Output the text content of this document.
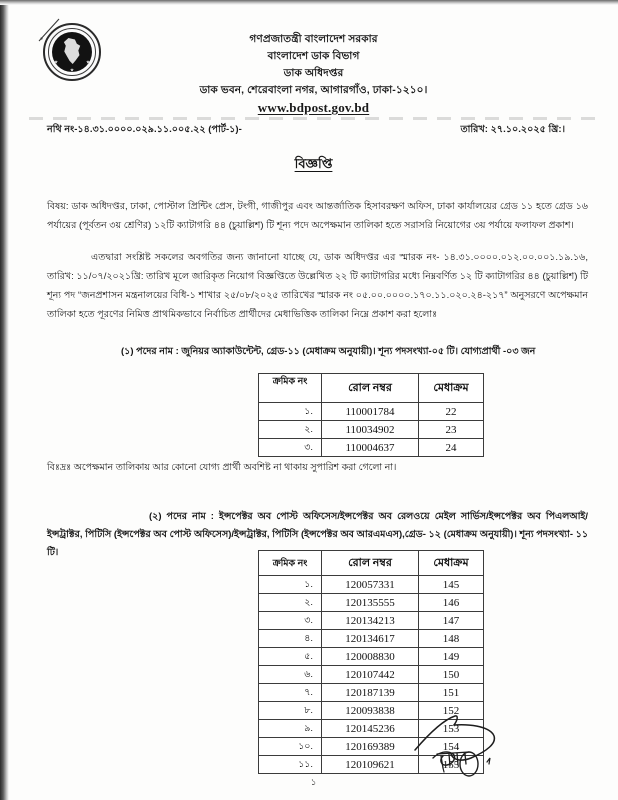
গণপ্রজাতন্ত্রী বাংলাদেশ সরকার
বাংলাদেশ ডাক বিভাগ
ডাক অধিদপ্তর
ডাক ভবন, শেরেবাংলা নগর, আগারগাঁও, ঢাকা-১২১০।
www.bdpost.gov.bd
নথি নং-১৪.৩১.০০০০.০২৯.১১.০০৫.২২ (পার্ট-১)-	তারিখ: ২৭.১০.২০২৫ খ্রি:।
বিজ্ঞপ্তি
বিষয়: ডাক অধিদপ্তর, ঢাকা, পোস্টাল প্রিন্টিং প্রেস, টংগী, গাজীপুর এবং আন্তর্জাতিক হিসাবরক্ষণ অফিস, ঢাকা কার্যালয়ের গ্রেড ১১ হতে গ্রেড ১৬ পর্যায়ের (পূর্বতন ৩য় শ্রেণির) ১২টি ক্যাটাগরি ৪৪ (চুয়াল্লিশ) টি শূন্য পদে অপেক্ষমান তালিকা হতে সরাসরি নিয়োগের ৩য় পর্যায়ে ফলাফল প্রকাশ।
এতদ্বারা সংশ্লিষ্ট সকলের অবগতির জন্য জানানো যাচ্ছে যে, ডাক অধিদপ্তর এর স্মারক নং- ১৪.৩১.০০০০.০১২.০০.০০১.১৯.১৬, তারিখ: ১১/০৭/২০২১খ্রি: তারিখ মূলে জারিকৃত নিয়োগ বিজ্ঞপ্তিতে উল্লেখিত ২২ টি ক্যাটাগরির মধ্যে নিম্নবর্ণিত ১২ টি ক্যাটাগরির ৪৪ (চুয়াল্লিশ) টি শূন্য পদ “জনপ্রশাসন মন্ত্রনালয়ের বিধি-১ শাখার ২৫/০৮/২০২৫ তারিখের স্মারক নং ০৫.০০.০০০০.১৭০.১১.০২০.২৪-২১৭” অনুসরণে অপেক্ষমান তালিকা হতে পূরণের নিমিত্ত প্রাথমিকভাবে নির্বাচিত প্রার্থীদের মেধাভিত্তিক তালিকা নিম্নে প্রকাশ করা হলোঃ
(১) পদের নাম : জুনিয়র অ্যাকাউন্টেন্ট, গ্রেড-১১ (মেধাক্রম অনুযায়ী)। শূন্য পদসংখ্যা-০৫ টি। যোগ্যপ্রার্থী -০৩ জন
ক্রমিক নং	রোল নম্বর	মেধাক্রম
১.	110001784	22
২.	110034902	23
৩.	110004637	24
বিঃদ্রঃ অপেক্ষমান তালিকায় আর কোনো যোগ্য প্রার্থী অবশিষ্ট না থাকায় সুপারিশ করা গেলো না।
(২) পদের নাম : ইন্সপেক্টর অব পোস্ট অফিসেস/ইন্সপেক্টর অব রেলওয়ে মেইল সার্ভিস/ইন্সপেক্টর অব পিএলআই/ইন্সট্রাক্টর, পিটিসি (ইন্সপেক্টর অব পোস্ট অফিসেস)/ইন্সট্রাক্টর, পিটিসি (ইন্সপেক্টর অব আরএমএস),গ্রেড- ১২ (মেধাক্রম অনুযায়ী)। শূন্য পদসংখ্যা- ১১ টি।
ক্রমিক নং	রোল নম্বর	মেধাক্রম
১.	120057331	145
২.	120135555	146
৩.	120134213	147
৪.	120134617	148
৫.	120008830	149
৬.	120107442	150
৭.	120187139	151
৮.	120093838	152
৯.	120145236	153
১০.	120169389	154
১১.	120109621	155
১
